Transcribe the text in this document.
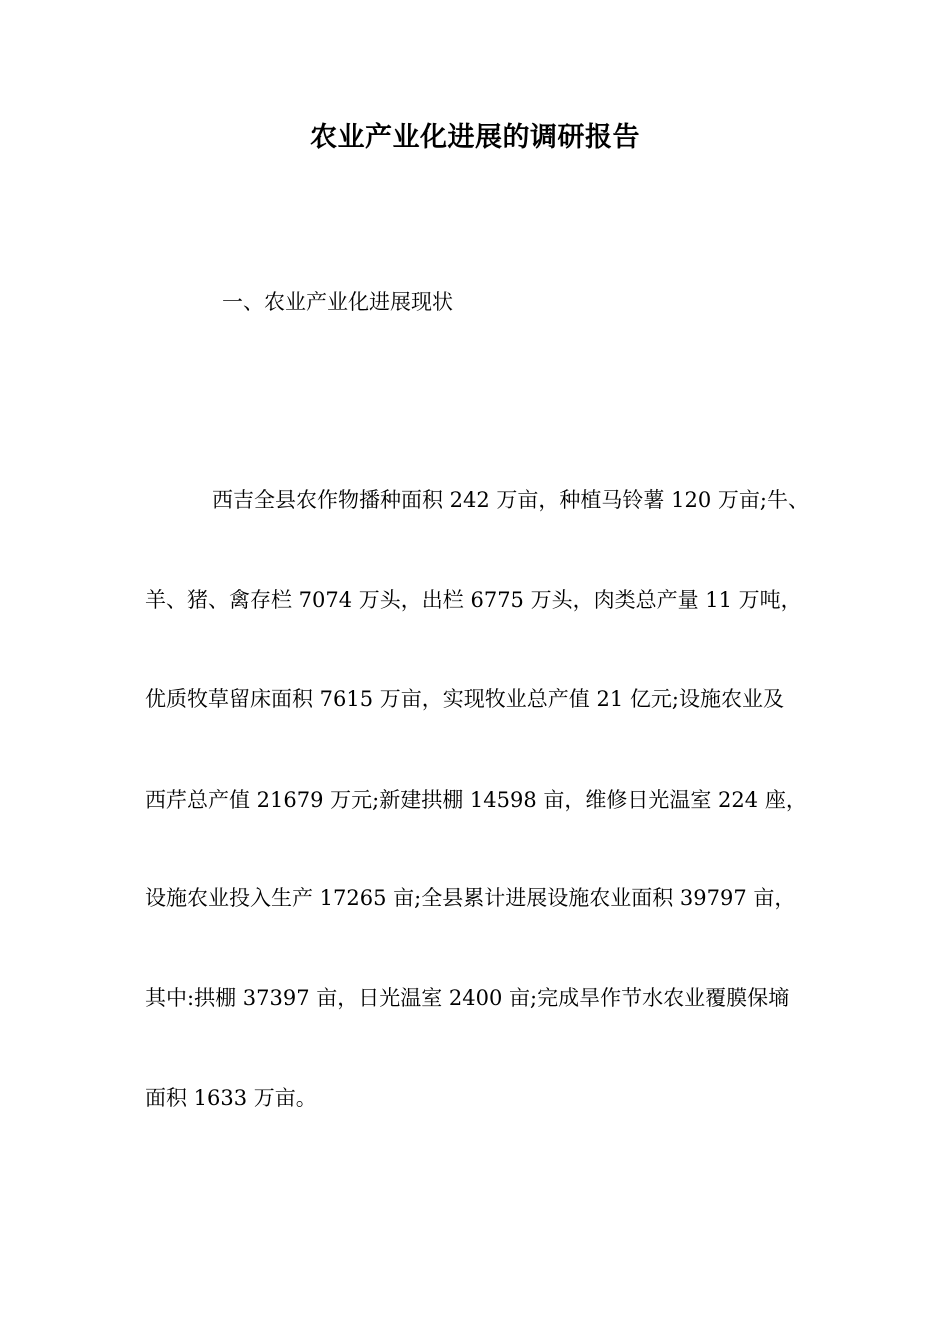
农业产业化进展的调研报告
一、农业产业化进展现状
西吉全县农作物播种面积 242 万亩，种植马铃薯 120 万亩;牛、
羊、猪、禽存栏 7074 万头，出栏 6775 万头，肉类总产量 11 万吨，
优质牧草留床面积 7615 万亩，实现牧业总产值 21 亿元;设施农业及
西芹总产值 21679 万元;新建拱棚 14598 亩，维修日光温室 224 座，
设施农业投入生产 17265 亩;全县累计进展设施农业面积 39797 亩，
其中:拱棚 37397 亩，日光温室 2400 亩;完成旱作节水农业覆膜保墒
面积 1633 万亩。
